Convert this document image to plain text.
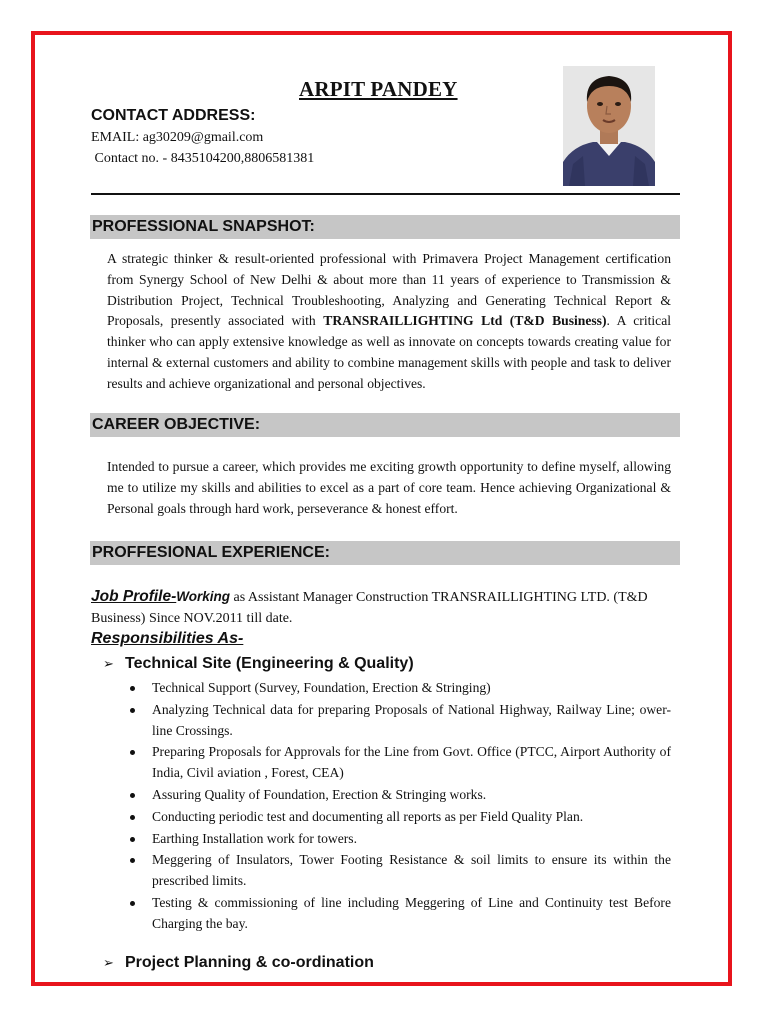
ARPIT PANDEY
CONTACT ADDRESS:
EMAIL: ag30209@gmail.com
Contact no. - 8435104200,8806581381
PROFESSIONAL SNAPSHOT:
A strategic thinker & result-oriented professional with Primavera Project Management certification from Synergy School of New Delhi & about more than 11 years of experience to Transmission & Distribution Project, Technical Troubleshooting, Analyzing and Generating Technical Report & Proposals, presently associated with TRANSRAILLIGHTING Ltd (T&D Business). A critical thinker who can apply extensive knowledge as well as innovate on concepts towards creating value for internal & external customers and ability to combine management skills with people and task to deliver results and achieve organizational and personal objectives.
CAREER OBJECTIVE:
Intended to pursue a career, which provides me exciting growth opportunity to define myself, allowing me to utilize my skills and abilities to excel as a part of core team. Hence achieving Organizational & Personal goals through hard work, perseverance & honest effort.
PROFFESIONAL EXPERIENCE:
Job Profile-Working as Assistant Manager Construction TRANSRAILLIGHTING LTD. (T&D Business) Since NOV.2011 till date.
Responsibilities As-
➢ Technical Site (Engineering & Quality)
Technical Support (Survey, Foundation, Erection & Stringing)
Analyzing Technical data for preparing Proposals of National Highway, Railway Line; ower-line Crossings.
Preparing Proposals for Approvals for the Line from Govt. Office (PTCC, Airport Authority of India, Civil aviation , Forest, CEA)
Assuring Quality of Foundation, Erection & Stringing works.
Conducting periodic test and documenting all reports as per Field Quality Plan.
Earthing Installation work for towers.
Meggering of Insulators, Tower Footing Resistance & soil limits to ensure its within the prescribed limits.
Testing & commissioning of line including Meggering of Line and Continuity test Before Charging the bay.
➢ Project Planning & co-ordination
